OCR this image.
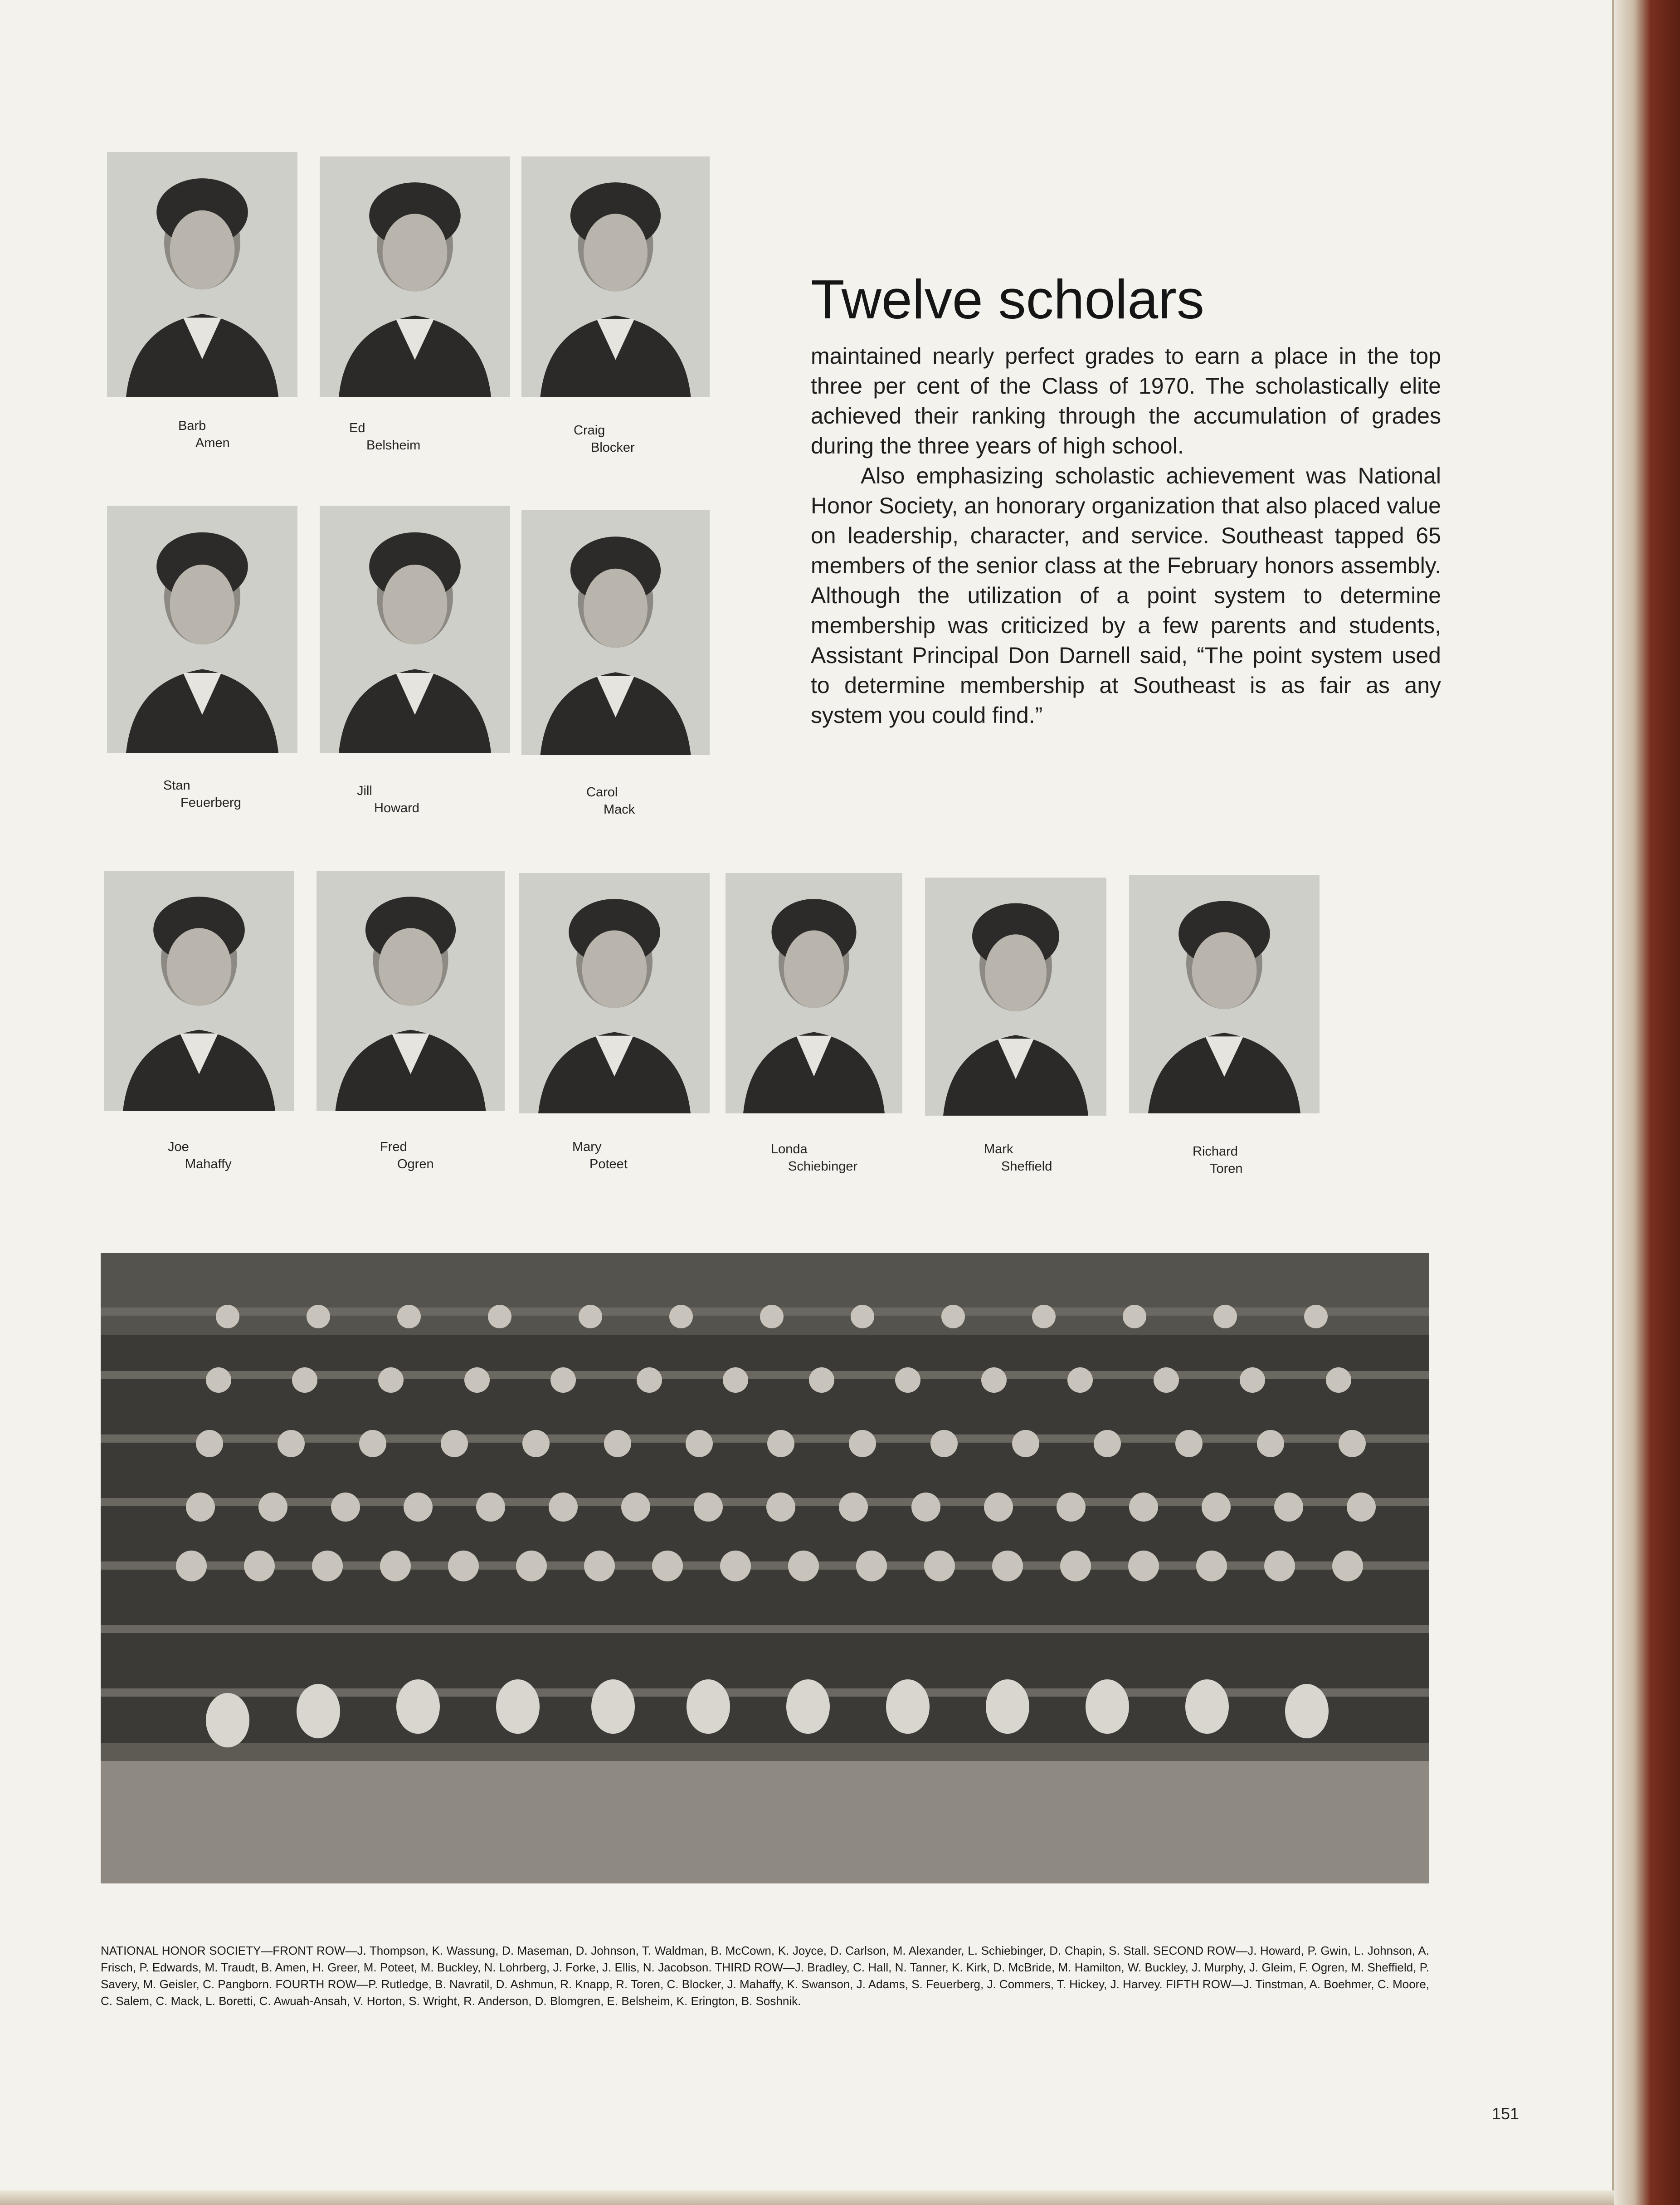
Barb
Amen
Ed
Belsheim
Craig
Blocker
Twelve scholars

maintained nearly perfect grades to earn a place in the top three per cent of the Class of 1970. The scholastically elite achieved their ranking through the accumulation of grades during the three years of high school.

Also emphasizing scholastic achievement was National Honor Society, an honorary organization that also placed value on leadership, character, and service. Southeast tapped 65 members of the senior class at the February honors assembly. Although the utilization of a point system to determine membership was criticized by a few parents and students, Assistant Principal Don Darnell said, “The point system used to determine membership at Southeast is as fair as any system you could find.”

Stan
Feuerberg
Jill
Howard
Carol
Mack
Joe
Mahaffy
Fred
Ogren
Mary
Poteet
Londa
Schiebinger
Mark
Sheffield
Richard
Toren

NATIONAL HONOR SOCIETY—FRONT ROW—J. Thompson, K. Wassung, D. Maseman, D. Johnson, T. Waldman, B. McCown, K. Joyce, D. Carlson, M. Alexander, L. Schiebinger, D. Chapin, S. Stall. SECOND ROW—J. Howard, P. Gwin, L. Johnson, A. Frisch, P. Edwards, M. Traudt, B. Amen, H. Greer, M. Poteet, M. Buckley, N. Lohrberg, J. Forke, J. Ellis, N. Jacobson. THIRD ROW—J. Bradley, C. Hall, N. Tanner, K. Kirk, D. McBride, M. Hamilton, W. Buckley, J. Murphy, J. Gleim, F. Ogren, M. Sheffield, P. Savery, M. Geisler, C. Pangborn. FOURTH ROW—P. Rutledge, B. Navratil, D. Ashmun, R. Knapp, R. Toren, C. Blocker, J. Mahaffy, K. Swanson, J. Adams, S. Feuerberg, J. Commers, T. Hickey, J. Harvey. FIFTH ROW—J. Tinstman, A. Boehmer, C. Moore, C. Salem, C. Mack, L. Boretti, C. Awuah-Ansah, V. Horton, S. Wright, R. Anderson, D. Blomgren, E. Belsheim, K. Erington, B. Soshnik.

151
